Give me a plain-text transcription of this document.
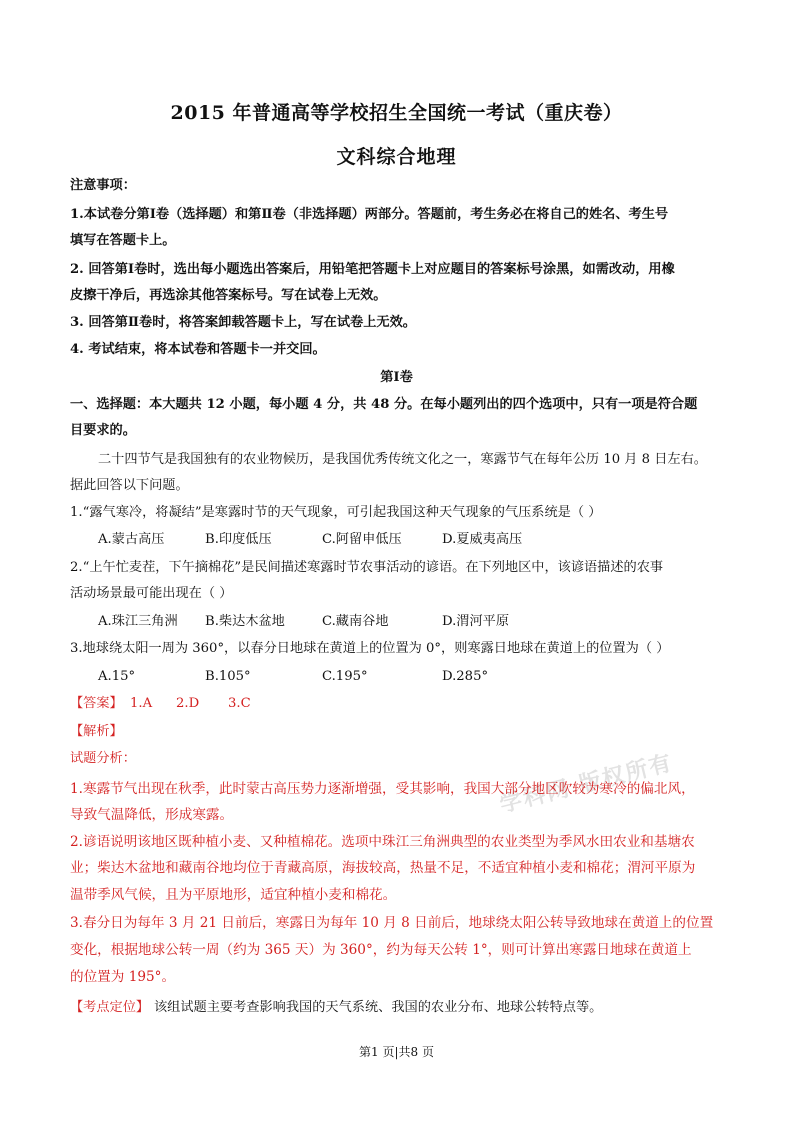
学科网 版权所有
2015 年普通高等学校招生全国统一考试（重庆卷）
文科综合地理
注意事项：
1.本试卷分第Ⅰ卷（选择题）和第Ⅱ卷（非选择题）两部分。答题前，考生务必在将自己的姓名、考生号
填写在答题卡上。
2. 回答第Ⅰ卷时，选出每小题选出答案后，用铅笔把答题卡上对应题目的答案标号涂黑，如需改动，用橡
皮擦干净后，再选涂其他答案标号。写在试卷上无效。
3. 回答第Ⅱ卷时，将答案卸载答题卡上，写在试卷上无效。
4. 考试结束，将本试卷和答题卡一并交回。
第Ⅰ卷
一、选择题：本大题共 12 小题，每小题 4 分，共 48 分。在每小题列出的四个选项中，只有一项是符合题
目要求的。
二十四节气是我国独有的农业物候历，是我国优秀传统文化之一，寒露节气在每年公历 10 月 8 日左右。
据此回答以下问题。
1.“露气寒冷，将凝结”是寒露时节的天气现象，可引起我国这种天气现象的气压系统是（ ）
A.蒙古高压	B.印度低压	C.阿留申低压	D.夏威夷高压
2.“上午忙麦茬，下午摘棉花”是民间描述寒露时节农事活动的谚语。在下列地区中，该谚语描述的农事
活动场景最可能出现在（ ）
A.珠江三角洲 B.柴达木盆地	C.藏南谷地	D.渭河平原
3.地球绕太阳一周为 360°，以春分日地球在黄道上的位置为 0°，则寒露日地球在黄道上的位置为（ ）
A.15°	B.105°	C.195°	D.285°
【答案】 1.A 2.D 3.C
【解析】
试题分析：
1.寒露节气出现在秋季，此时蒙古高压势力逐渐增强，受其影响，我国大部分地区吹较为寒冷的偏北风，
导致气温降低，形成寒露。
2.谚语说明该地区既种植小麦、又种植棉花。选项中珠江三角洲典型的农业类型为季风水田农业和基塘农
业；柴达木盆地和藏南谷地均位于青藏高原，海拔较高，热量不足，不适宜种植小麦和棉花；渭河平原为
温带季风气候，且为平原地形，适宜种植小麦和棉花。
3.春分日为每年 3 月 21 日前后，寒露日为每年 10 月 8 日前后，地球绕太阳公转导致地球在黄道上的位置
变化，根据地球公转一周（约为 365 天）为 360°，约为每天公转 1°，则可计算出寒露日地球在黄道上
的位置为 195°。
【考点定位】 该组试题主要考查影响我国的天气系统、我国的农业分布、地球公转特点等。
第1 页|共8 页
